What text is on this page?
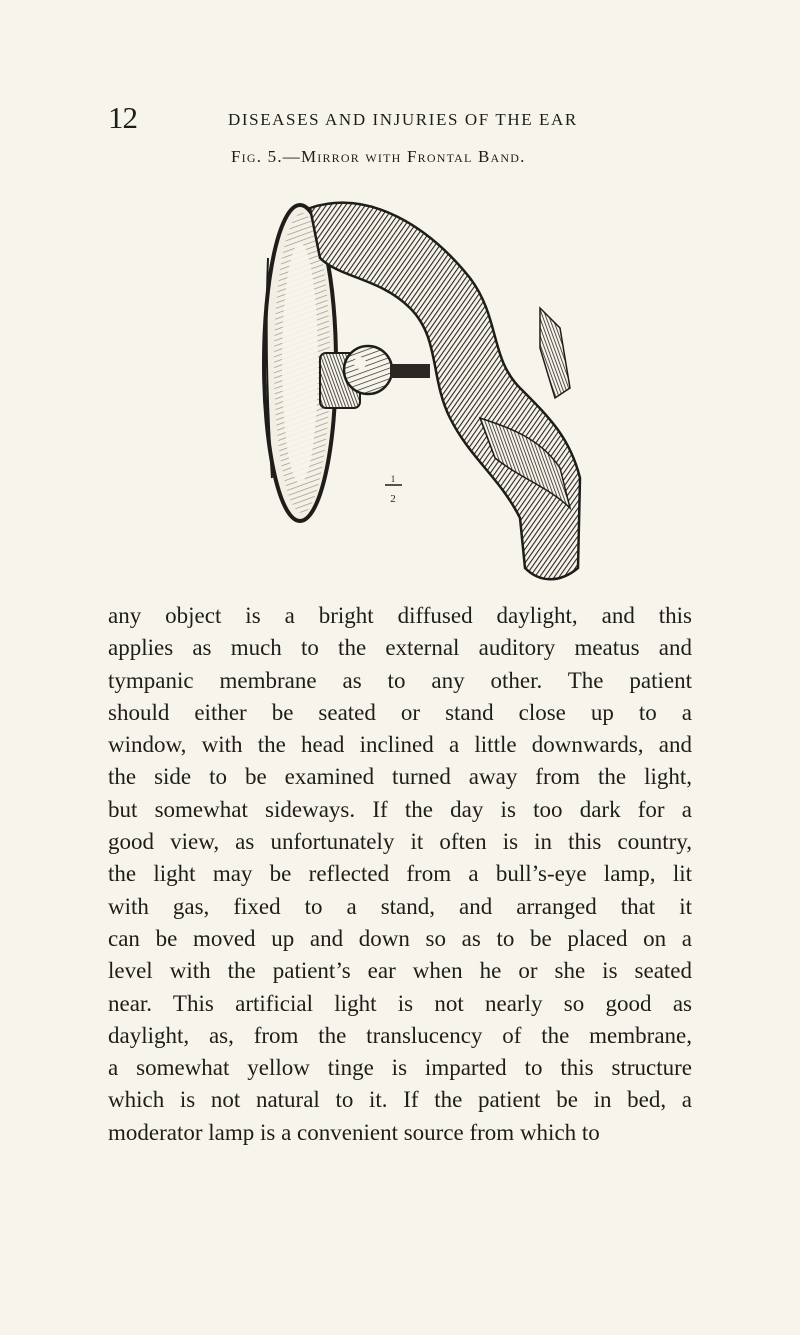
12	DISEASES AND INJURIES OF THE EAR
Fig. 5.—Mirror with Frontal Band.
2
1
any object is a bright diffused daylight, and this
applies as much to the external auditory meatus and
tympanic membrane as to any other. The patient
should either be seated or stand close up to a
window, with the head inclined a little downwards, and
the side to be examined turned away from the light,
but somewhat sideways. If the day is too dark for a
good view, as unfortunately it often is in this country,
the light may be reflected from a bull’s-eye lamp, lit
with gas, fixed to a stand, and arranged that it
can be moved up and down so as to be placed on a
level with the patient’s ear when he or she is seated
near. This artificial light is not nearly so good as
daylight, as, from the translucency of the membrane,
a somewhat yellow tinge is imparted to this structure
which is not natural to it. If the patient be in bed, a
moderator lamp is a convenient source from which to
